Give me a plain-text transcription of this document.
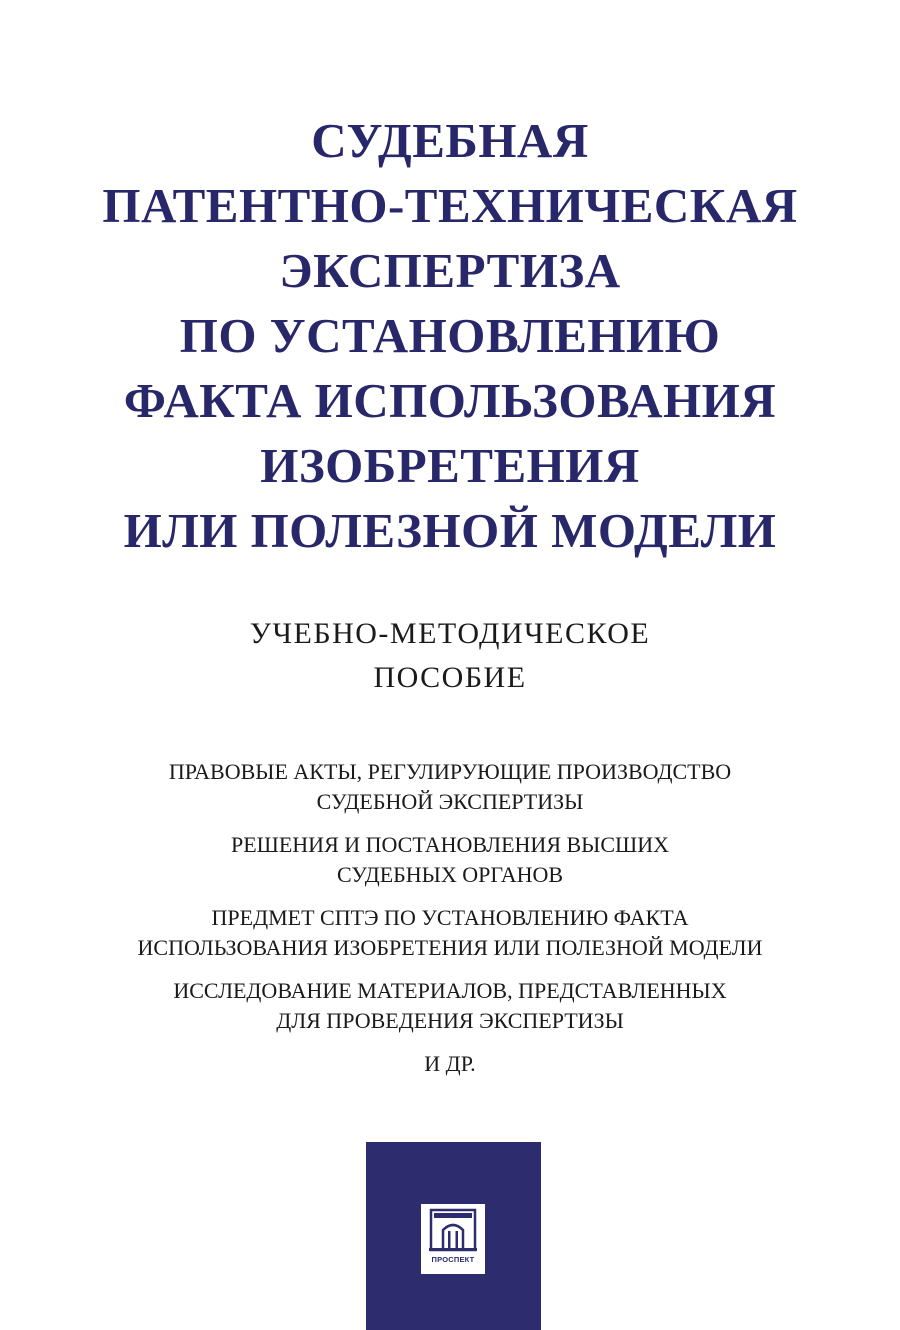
СУДЕБНАЯ
ПАТЕНТНО-ТЕХНИЧЕСКАЯ
ЭКСПЕРТИЗА
ПО УСТАНОВЛЕНИЮ
ФАКТА ИСПОЛЬЗОВАНИЯ
ИЗОБРЕТЕНИЯ
ИЛИ ПОЛЕЗНОЙ МОДЕЛИ
УЧЕБНО-МЕТОДИЧЕСКОЕ
ПОСОБИЕ
ПРАВОВЫЕ АКТЫ, РЕГУЛИРУЮЩИЕ ПРОИЗВОДСТВО
СУДЕБНОЙ ЭКСПЕРТИЗЫ
РЕШЕНИЯ И ПОСТАНОВЛЕНИЯ ВЫСШИХ
СУДЕБНЫХ ОРГАНОВ
ПРЕДМЕТ СПТЭ ПО УСТАНОВЛЕНИЮ ФАКТА
ИСПОЛЬЗОВАНИЯ ИЗОБРЕТЕНИЯ ИЛИ ПОЛЕЗНОЙ МОДЕЛИ
ИССЛЕДОВАНИЕ МАТЕРИАЛОВ, ПРЕДСТАВЛЕННЫХ
ДЛЯ ПРОВЕДЕНИЯ ЭКСПЕРТИЗЫ
И ДР.
ПРОСПЕКТ
